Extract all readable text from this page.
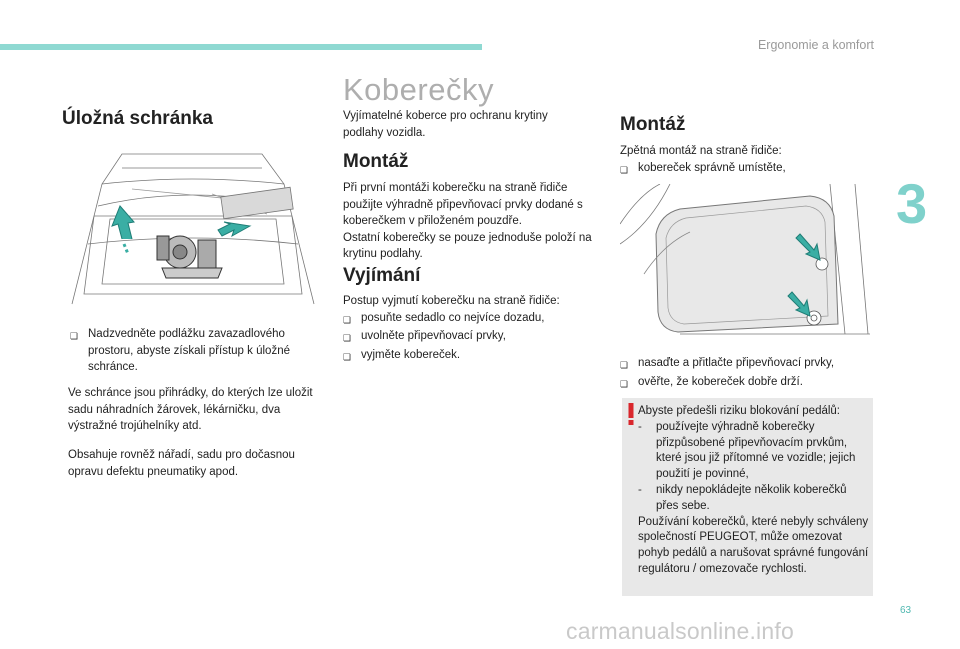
Ergonomie a komfort
3
Úložná schránka
❏ Nadzvedněte podlážku zavazadlového prostoru, abyste získali přístup k úložné schránce.
Ve schránce jsou přihrádky, do kterých lze uložit sadu náhradních žárovek, lékárničku, dva výstražné trojúhelníky atd.
Obsahuje rovněž nářadí, sadu pro dočasnou opravu defektu pneumatiky apod.
Koberečky
Vyjímatelné koberce pro ochranu krytiny podlahy vozidla.
Montáž

Při první montáži koberečku na straně řidiče použijte výhradně připevňovací prvky dodané s koberečkem v přiloženém pouzdře.

Ostatní koberečky se pouze jednoduše položí na krytinu podlahy.

Vyjímání

Postup vyjmutí koberečku na straně řidiče:

❏ posuňte sedadlo co nejvíce dozadu,
❏ uvolněte připevňovací prvky,
❏ vyjměte kobereček.
Montáž

Zpětná montáž na straně řidiče:

❏ kobereček správně umístěte,
❏ nasaďte a přitlačte připevňovací prvky,
❏ ověřte, že kobereček dobře drží.

Abyste předešli riziku blokování pedálů:

-	používejte výhradně koberečky přizpůsobené připevňovacím prvkům, které jsou již přítomné ve vozidle; jejich použití je povinné,
-	nikdy nepokládejte několik koberečků přes sebe.

Používání koberečků, které nebyly schváleny společností PEUGEOT, může omezovat pohyb pedálů a narušovat správné fungování regulátoru / omezovače rychlosti.

63
carmanualsonline.info
